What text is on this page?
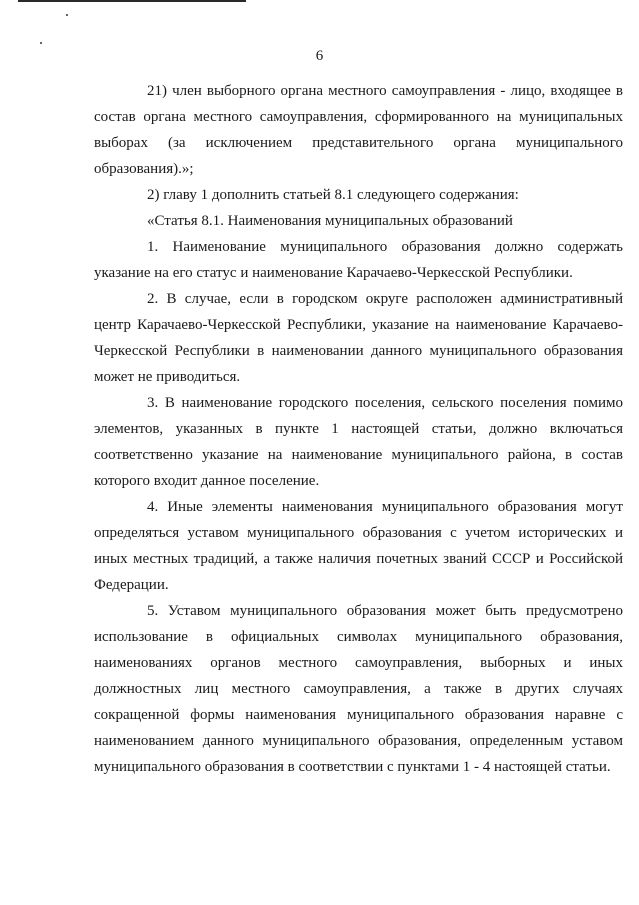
6

21) член выборного органа местного самоуправления - лицо, входящее в состав органа местного самоуправления, сформированного на муниципальных выборах (за исключением представительного органа муниципального образования).»;

2) главу 1 дополнить статьей 8.1 следующего содержания:

«Статья 8.1. Наименования муниципальных образований

1. Наименование муниципального образования должно содержать указание на его статус и наименование Карачаево-Черкесской Республики.

2. В случае, если в городском округе расположен административный центр Карачаево-Черкесской Республики, указание на наименование Карачаево-Черкесской Республики в наименовании данного муниципального образования может не приводиться.

3. В наименование городского поселения, сельского поселения помимо элементов, указанных в пункте 1 настоящей статьи, должно включаться соответственно указание на наименование муниципального района, в состав которого входит данное поселение.

4. Иные элементы наименования муниципального образования могут определяться уставом муниципального образования с учетом исторических и иных местных традиций, а также наличия почетных званий СССР и Российской Федерации.

5. Уставом муниципального образования может быть предусмотрено использование в официальных символах муниципального образования, наименованиях органов местного самоуправления, выборных и иных должностных лиц местного самоуправления, а также в других случаях сокращенной формы наименования муниципального образования наравне с наименованием данного муниципального образования, определенным уставом муниципального образования в соответствии с пунктами 1 - 4 настоящей статьи.
